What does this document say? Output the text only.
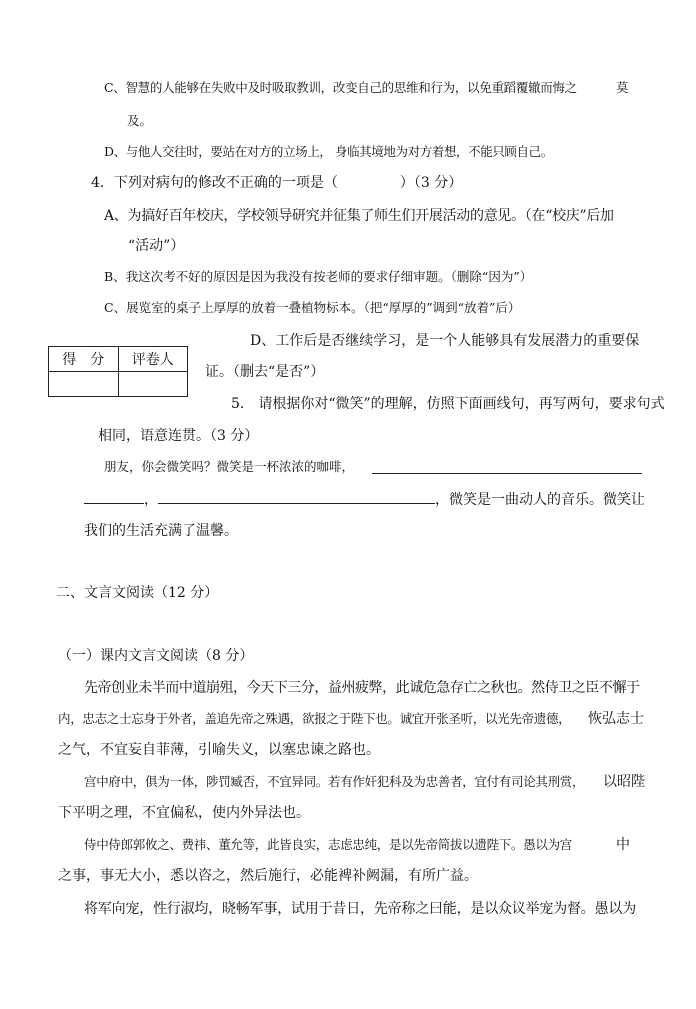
C、智慧的人能够在失败中及时吸取教训，改变自己的思维和行为，以免重蹈覆辙而悔之	莫
及。
D、与他人交往时，要站在对方的立场上， 身临其境地为对方着想，不能只顾自己。
4．下列对病句的修改不正确的一项是（	）（3 分）
A、为搞好百年校庆，学校领导研究并征集了师生们开展活动的意见。（在“校庆”后加
“活动”）
B、我这次考不好的原因是因为我没有按老师的要求仔细审题。（删除“因为”）
C、展览室的桌子上厚厚的放着一叠植物标本。（把“厚厚的”调到“放着”后）
D、工作后是否继续学习，是一个人能够具有发展潜力的重要保
证。（删去“是否”）
得　分	评卷人

5.　请根据你对“微笑”的理解，仿照下面画线句，再写两句，要求句式
相同，语意连贯。（3 分）
朋友，你会微笑吗？微笑是一杯浓浓的咖啡，
，	，微笑是一曲动人的音乐。微笑让
我们的生活充满了温馨。
二、文言文阅读（12 分）
（一）课内文言文阅读（8 分）
先帝创业未半而中道崩殂，今天下三分，益州疲弊，此诚危急存亡之秋也。然侍卫之臣不懈于
内，忠志之士忘身于外者，盖追先帝之殊遇，欲报之于陛下也。诚宜开张圣听，以光先帝遗德， 恢弘志士
之气，不宜妄自菲薄，引喻失义，以塞忠谏之路也。
宫中府中，俱为一体，陟罚臧否，不宜异同。若有作奸犯科及为忠善者，宜付有司论其刑赏， 以昭陛
下平明之理，不宜偏私，使内外异法也。
侍中侍郎郭攸之、费祎、董允等，此皆良实，志虑忠纯，是以先帝简拔以遗陛下。愚以为宫	中
之事，事无大小，悉以咨之，然后施行，必能裨补阙漏，有所广益。
将军向宠，性行淑均，晓畅军事，试用于昔日，先帝称之曰能，是以众议举宠为督。愚以为
